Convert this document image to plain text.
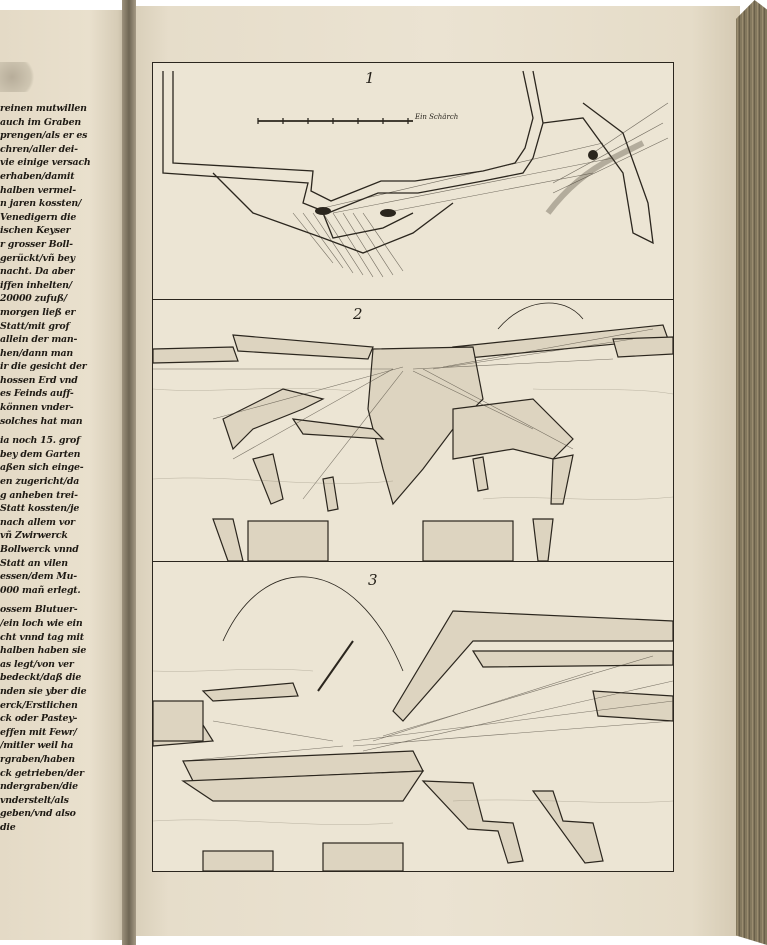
reinen mutwillen
auch im Graben
prengen/als er es
chren/aller dei-
vie einige versach
erhaben/damit
halben vermel-
n jaren kossten/
Venedigern die
ischen Keyser
r grosser Boll-
gerückt/vñ bey
nacht. Da aber
iffen inhelten/
20000 zufuß/
morgen ließ er
Statt/mit grof
allein der man-
hen/dann man
ir die gesicht der
hossen Erd vnd
es Feinds auff-
können vnder-
solches hat man
ia noch 15. grof
bey dem Garten
aßen sich einge-
en zugericht/da
g anheben trei-
Statt kossten/je
nach allem vor
vñ Zwirwerck
Bollwerck vnnd
Statt an vilen
essen/dem Mu-
000 mañ erlegt.
ossem Blutuer-
/ein loch wie ein
cht vnnd tag mit
halben haben sie
as legt/von ver
bedeckt/daß die
nden sie yber die
erck/Erstlichen
ck oder Pastey-
effen mit Fewr/
/mitler weil ha
rgraben/haben
ck getrieben/der
ndergraben/die
vnderstelt/als
geben/vnd also
die
1
Ein Schärch
2
3
